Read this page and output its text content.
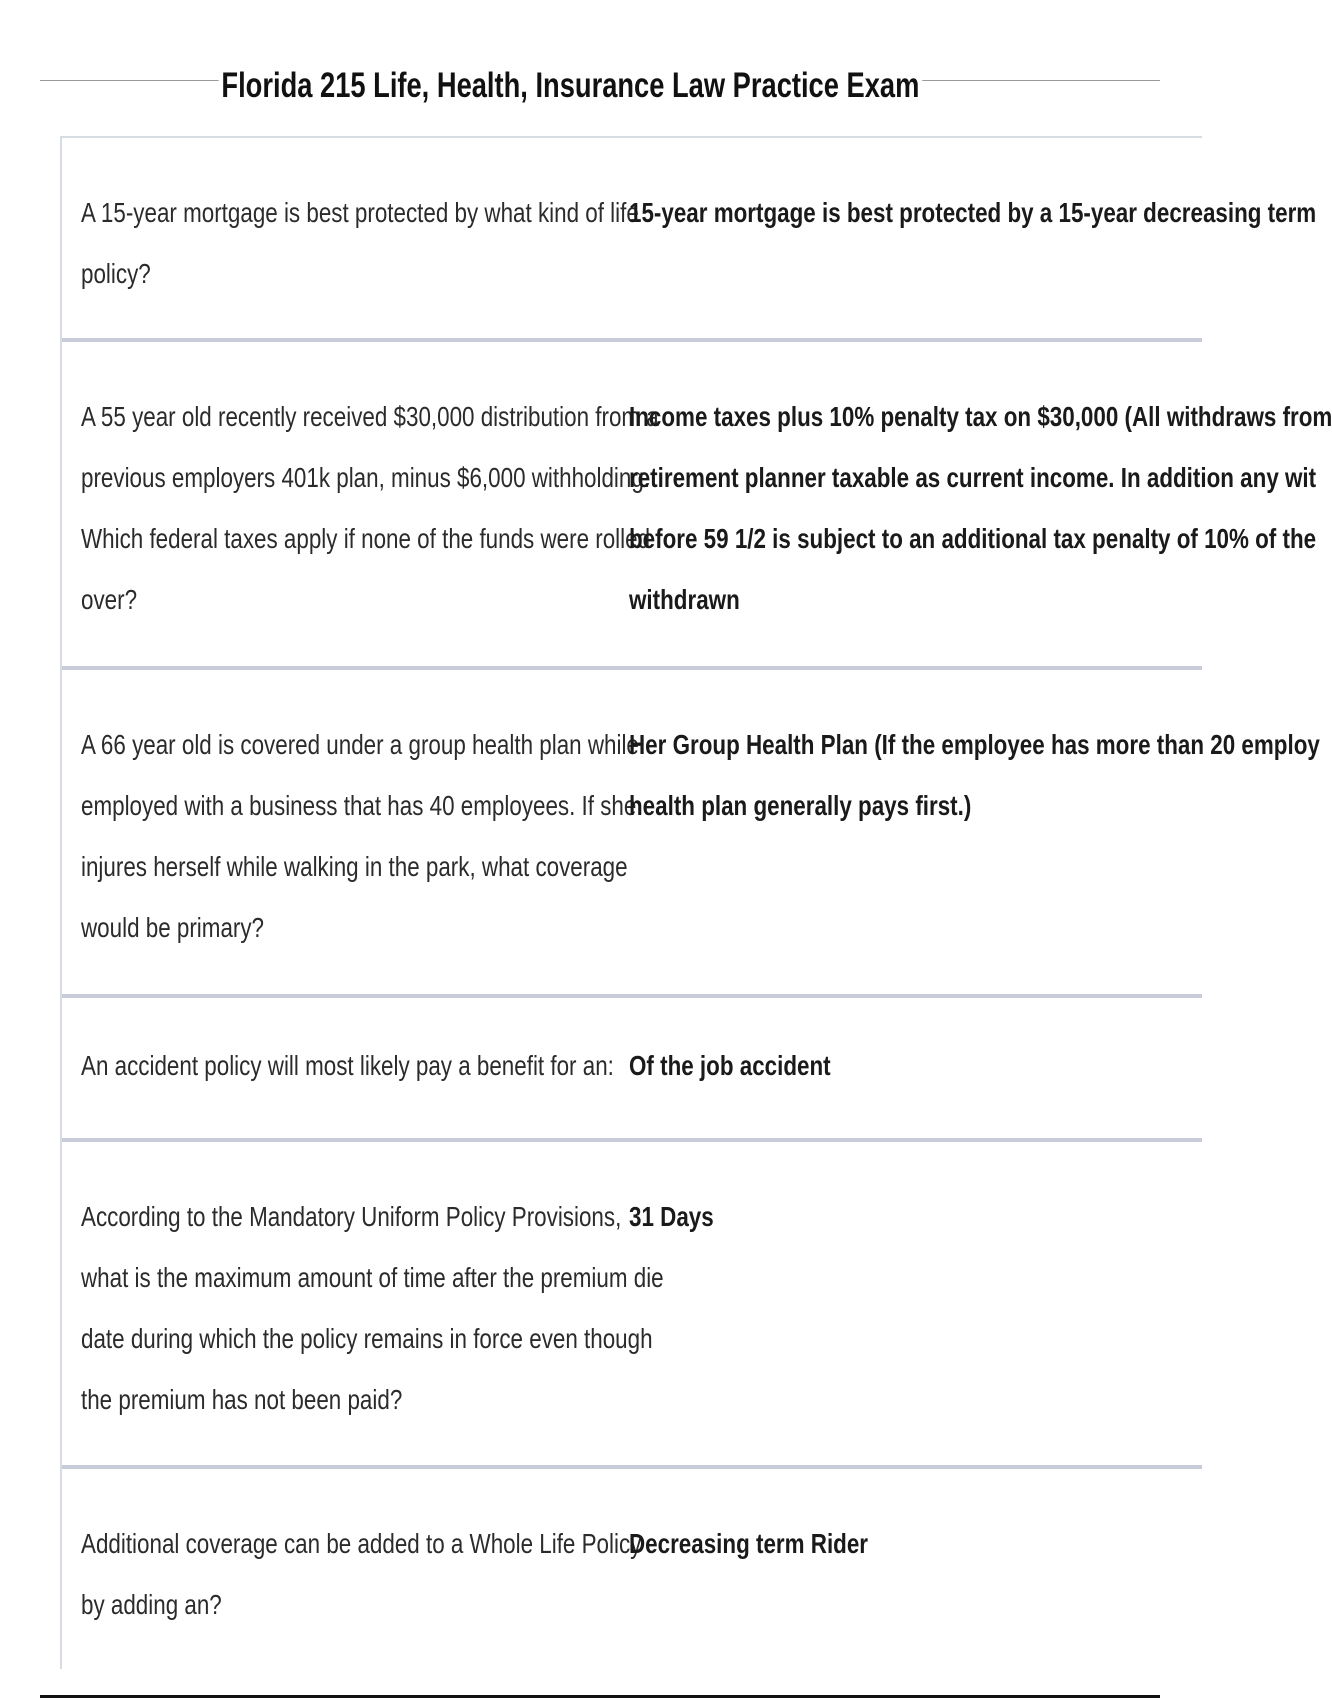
Florida 215 Life, Health, Insurance Law Practice Exam
A 15-year mortgage is best protected by what kind of life
policy?
15-year mortgage is best protected by a 15-year decreasing term
A 55 year old recently received $30,000 distribution from a
previous employers 401k plan, minus $6,000 withholding.
Which federal taxes apply if none of the funds were rolled
over?
Income taxes plus 10% penalty tax on $30,000 (All withdraws from
retirement planner taxable as current income. In addition any wit
before 59 1/2 is subject to an additional tax penalty of 10% of the
withdrawn
A 66 year old is covered under a group health plan while
employed with a business that has 40 employees. If she
injures herself while walking in the park, what coverage
would be primary?
Her Group Health Plan (If the employee has more than 20 employ
health plan generally pays first.)
An accident policy will most likely pay a benefit for an: Of the job accident
According to the Mandatory Uniform Policy Provisions,
what is the maximum amount of time after the premium die
date during which the policy remains in force even though
the premium has not been paid?
31 Days
Additional coverage can be added to a Whole Life Policy
by adding an?
Decreasing term Rider
